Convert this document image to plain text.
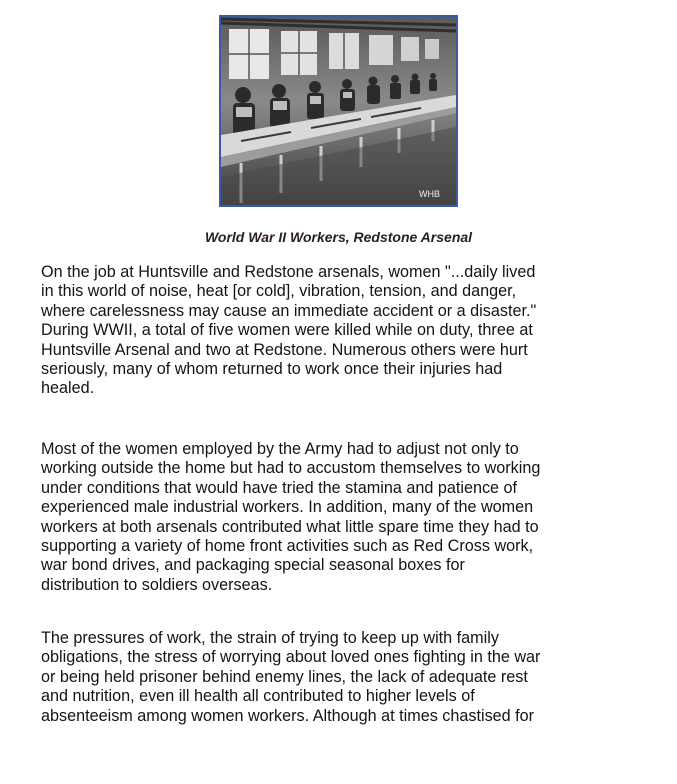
WHB
World War II Workers, Redstone Arsenal

On the job at Huntsville and Redstone arsenals, women "...daily lived
in this world of noise, heat [or cold], vibration, tension, and danger,
where carelessness may cause an immediate accident or a disaster."
During WWII, a total of five women were killed while on duty, three at
Huntsville Arsenal and two at Redstone. Numerous others were hurt
seriously, many of whom returned to work once their injuries had
healed.

Most of the women employed by the Army had to adjust not only to
working outside the home but had to accustom themselves to working
under conditions that would have tried the stamina and patience of
experienced male industrial workers. In addition, many of the women
workers at both arsenals contributed what little spare time they had to
supporting a variety of home front activities such as Red Cross work,
war bond drives, and packaging special seasonal boxes for
distribution to soldiers overseas.

The pressures of work, the strain of trying to keep up with family
obligations, the stress of worrying about loved ones fighting in the war
or being held prisoner behind enemy lines, the lack of adequate rest
and nutrition, even ill health all contributed to higher levels of
absenteeism among women workers. Although at times chastised for
